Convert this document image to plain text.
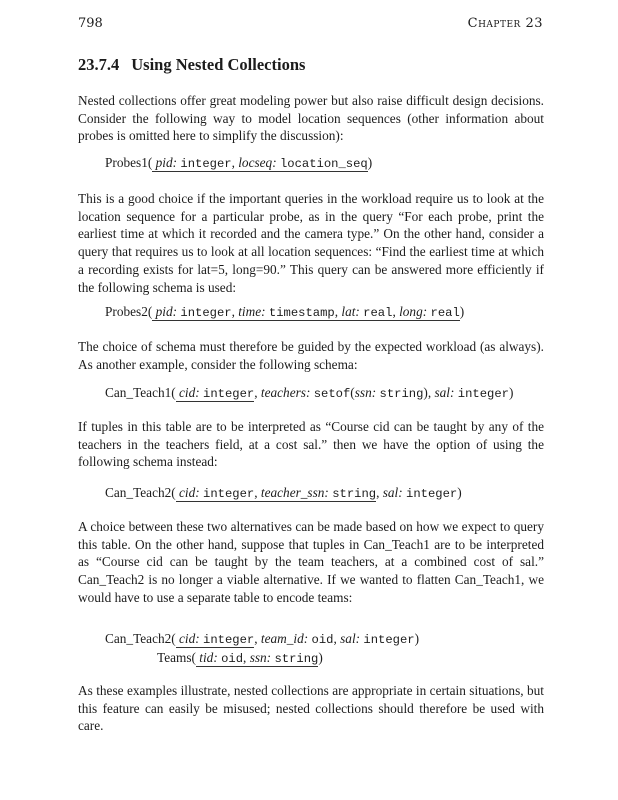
798	Chapter 23
23.7.4 Using Nested Collections

Nested collections offer great modeling power but also raise difficult design decisions. Consider the following way to model location sequences (other information about probes is omitted here to simplify the discussion):

Probes1( pid: integer, locseq: location_seq)

This is a good choice if the important queries in the workload require us to look at the location sequence for a particular probe, as in the query “For each probe, print the earliest time at which it recorded and the camera type.” On the other hand, consider a query that requires us to look at all location sequences: “Find the earliest time at which a recording exists for lat=5, long=90.” This query can be answered more efficiently if the following schema is used:

Probes2( pid: integer, time: timestamp, lat: real, long: real)

The choice of schema must therefore be guided by the expected workload (as always). As another example, consider the following schema:

Can_Teach1( cid: integer, teachers: setof(ssn: string), sal: integer)

If tuples in this table are to be interpreted as “Course cid can be taught by any of the teachers in the teachers field, at a cost sal.” then we have the option of using the following schema instead:

Can_Teach2( cid: integer, teacher_ssn: string, sal: integer)

A choice between these two alternatives can be made based on how we expect to query this table. On the other hand, suppose that tuples in Can_Teach1 are to be interpreted as “Course cid can be taught by the team teachers, at a combined cost of sal.” Can_Teach2 is no longer a viable alternative. If we wanted to flatten Can_Teach1, we would have to use a separate table to encode teams:

Can_Teach2( cid: integer, team_id: oid, sal: integer)
Teams( tid: oid, ssn: string)

As these examples illustrate, nested collections are appropriate in certain situations, but this feature can easily be misused; nested collections should therefore be used with care.
